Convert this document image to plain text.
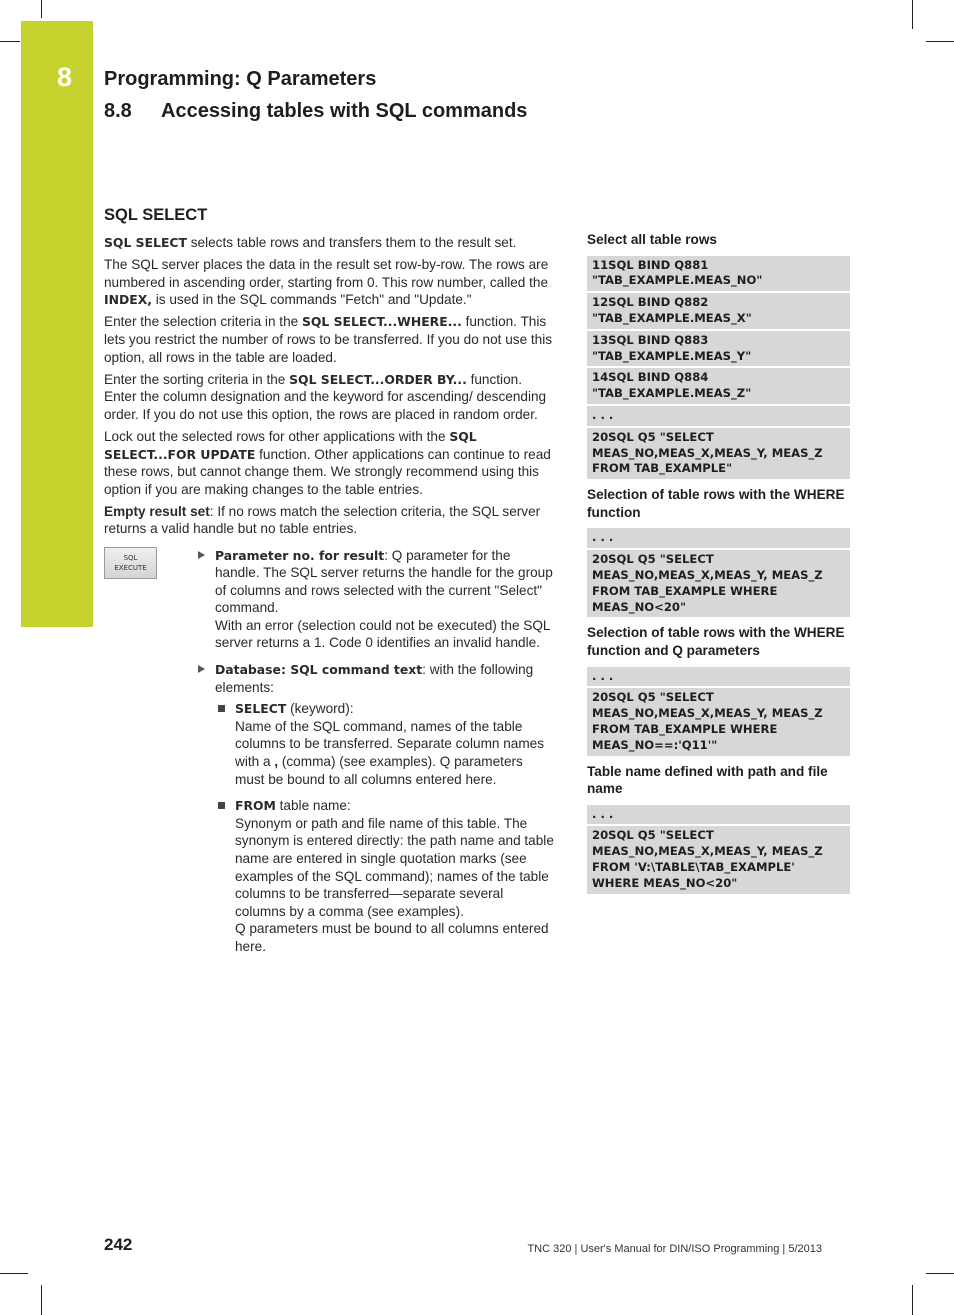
8 Programming: Q Parameters
8.8 Accessing tables with SQL commands
SQL SELECT

SQL SELECT selects table rows and transfers them to the result set.

The SQL server places the data in the result set row-by-row. The rows are numbered in ascending order, starting from 0. This row number, called the INDEX, is used in the SQL commands "Fetch" and "Update."

Enter the selection criteria in the SQL SELECT...WHERE... function. This lets you restrict the number of rows to be transferred. If you do not use this option, all rows in the table are loaded.

Enter the sorting criteria in the SQL SELECT...ORDER BY... function. Enter the column designation and the keyword for ascending/ descending order. If you do not use this option, the rows are placed in random order.

Lock out the selected rows for other applications with the SQL SELECT...FOR UPDATE function. Other applications can continue to read these rows, but cannot change them. We strongly recommend using this option if you are making changes to the table entries.

Empty result set: If no rows match the selection criteria, the SQL server returns a valid handle but no table entries.

SQL
EXECUTE
Parameter no. for result: Q parameter for the handle. The SQL server returns the handle for the group of columns and rows selected with the current "Select" command.
With an error (selection could not be executed) the SQL server returns a 1. Code 0 identifies an invalid handle.
Database: SQL command text: with the following elements:
SELECT (keyword):
Name of the SQL command, names of the table columns to be transferred. Separate column names with a , (comma) (see examples). Q parameters must be bound to all columns entered here.
FROM table name:
Synonym or path and file name of this table. The synonym is entered directly: the path name and table name are entered in single quotation marks (see examples of the SQL command); names of the table columns to be transferred—separate several columns by a comma (see examples).
Q parameters must be bound to all columns entered here.
Select all table rows
11SQL BIND Q881 "TAB_EXAMPLE.MEAS_NO"
12SQL BIND Q882 "TAB_EXAMPLE.MEAS_X"
13SQL BIND Q883 "TAB_EXAMPLE.MEAS_Y"
14SQL BIND Q884 "TAB_EXAMPLE.MEAS_Z"
. . .
20SQL Q5 "SELECT MEAS_NO,MEAS_X,MEAS_Y, MEAS_Z FROM TAB_EXAMPLE"
Selection of table rows with the WHERE function
. . .
20SQL Q5 "SELECT MEAS_NO,MEAS_X,MEAS_Y, MEAS_Z FROM TAB_EXAMPLE WHERE MEAS_NO<20"
Selection of table rows with the WHERE function and Q parameters
. . .
20SQL Q5 "SELECT MEAS_NO,MEAS_X,MEAS_Y, MEAS_Z FROM TAB_EXAMPLE WHERE MEAS_NO==:'Q11'"
Table name defined with path and file name
. . .
20SQL Q5 "SELECT MEAS_NO,MEAS_X,MEAS_Y, MEAS_Z FROM 'V:\TABLE\TAB_EXAMPLE' WHERE MEAS_NO<20"
242	TNC 320 | User's Manual for DIN/ISO Programming | 5/2013
